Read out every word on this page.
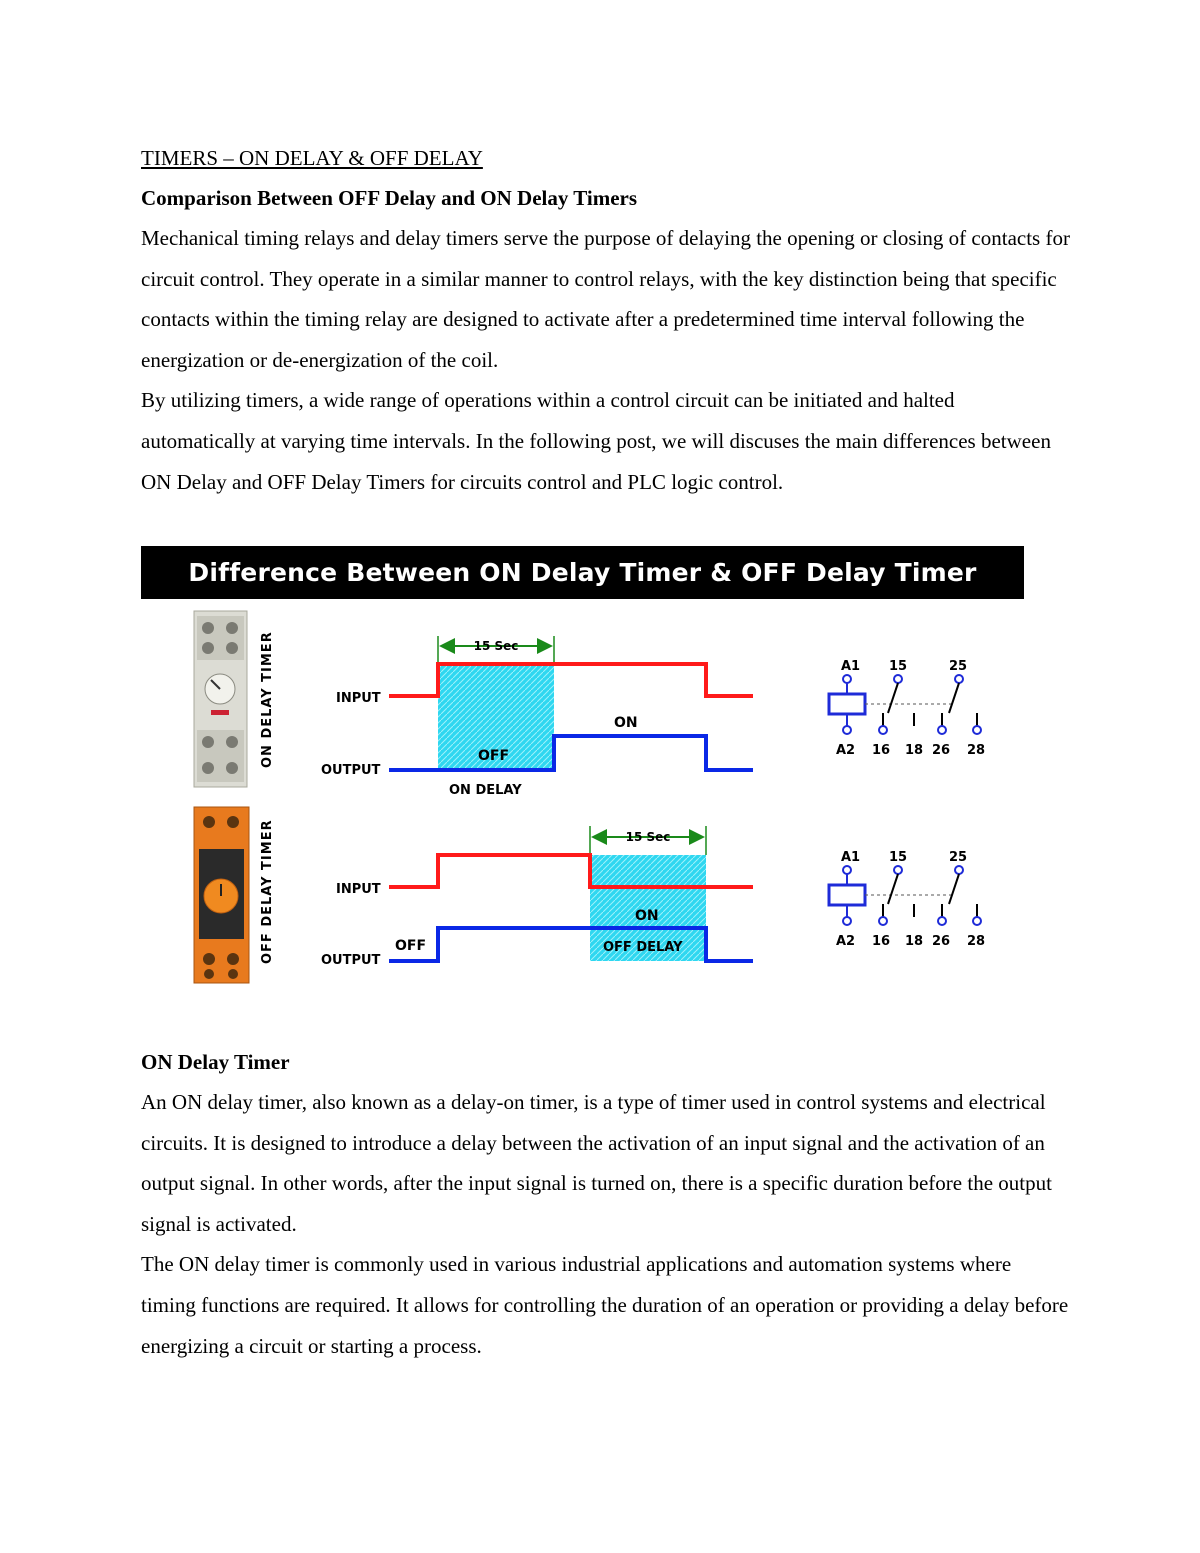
TIMERS – ON DELAY & OFF DELAY

Comparison Between OFF Delay and ON Delay Timers

Mechanical timing relays and delay timers serve the purpose of delaying the opening or closing of contacts for circuit control. They operate in a similar manner to control relays, with the key distinction being that specific contacts within the timing relay are designed to activate after a predetermined time interval following the energization or de-energization of the coil.

By utilizing timers, a wide range of operations within a control circuit can be initiated and halted automatically at varying time intervals. In the following post, we will discuses the main differences between ON Delay and OFF Delay Timers for circuits control and PLC logic control.

Difference Between ON Delay Timer & OFF Delay Timer
ON DELAY TIMER	15 Sec
INPUT
OUTPUT
OFF
ON
ON DELAY
A1 15	25
A2 16 18 26 28
OFF DELAY TIMER	15 Sec
INPUT
OUTPUT
OFF
ON
OFF DELAY
A1 15	25
A2 16 18 26 28

ON Delay Timer

An ON delay timer, also known as a delay-on timer, is a type of timer used in control systems and electrical circuits. It is designed to introduce a delay between the activation of an input signal and the activation of an output signal. In other words, after the input signal is turned on, there is a specific duration before the output signal is activated.

The ON delay timer is commonly used in various industrial applications and automation systems where timing functions are required. It allows for controlling the duration of an operation or providing a delay before energizing a circuit or starting a process.
